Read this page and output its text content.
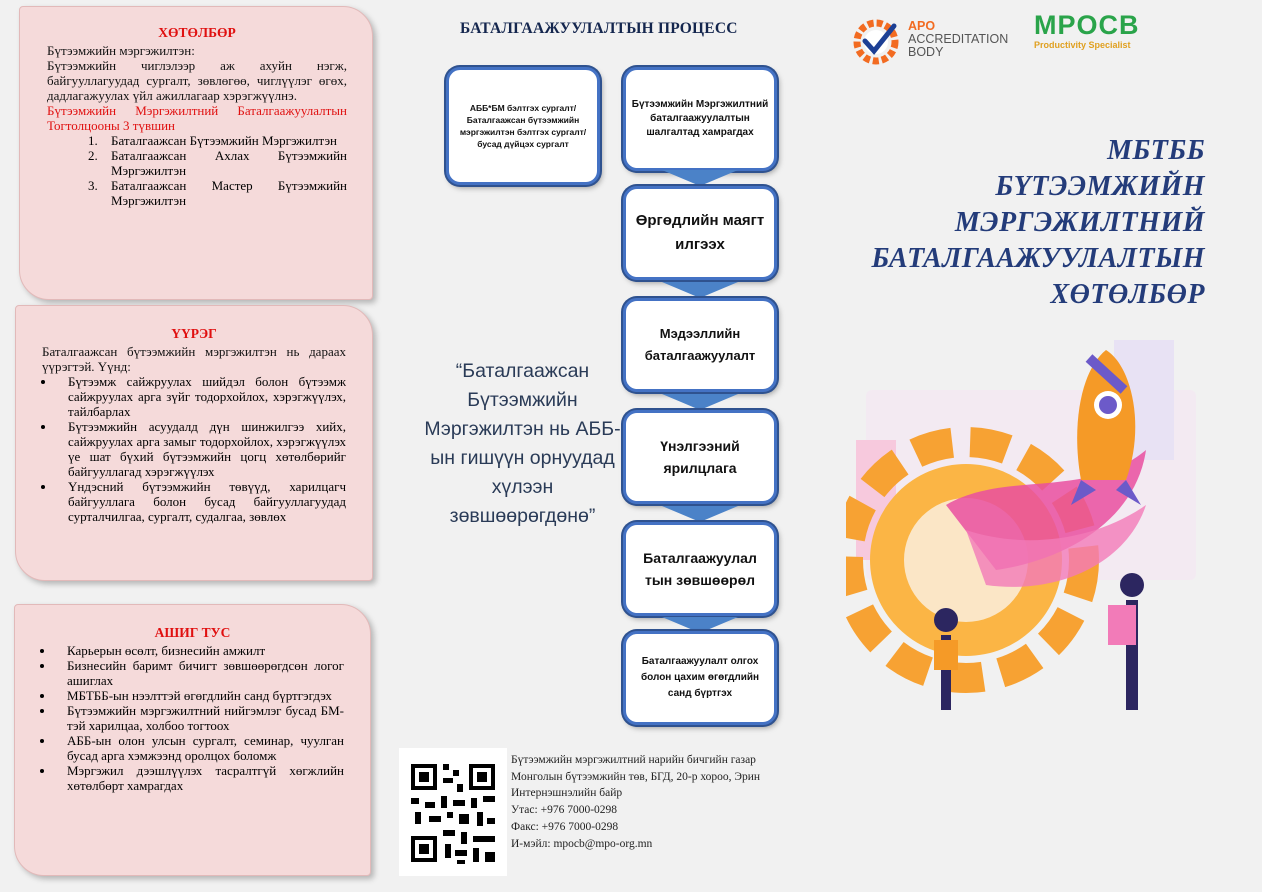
ХӨТӨЛБӨР
Бүтээмжийн мэргэжилтэн:
Бүтээмжийн чиглэлээр аж ахуйн нэгж, байгууллагуудад сургалт, зөвлөгөө, чиглүүлэг өгөх, дадлагажуулах үйл ажиллагаар хэрэгжүүлнэ.
Бүтээмжийн Мэргэжилтний Баталгаажуулалтын Тогтолцооны 3 түвшин
1. Баталгаажсан Бүтээмжийн Мэргэжилтэн
2. Баталгаажсан Ахлах Бүтээмжийн Мэргэжилтэн
3. Баталгаажсан Мастер Бүтээмжийн Мэргэжилтэн
ҮҮРЭГ
Баталгаажсан бүтээмжийн мэргэжилтэн нь дараах үүрэгтэй. Үүнд:
• Бүтээмж сайжруулах шийдэл болон бүтээмж сайжруулах арга зүйг тодорхойлох, хэрэгжүүлэх, тайлбарлах
• Бүтээмжийн асуудалд дүн шинжилгээ хийх, сайжруулах арга замыг тодорхойлох, хэрэгжүүлэх үе шат бүхий бүтээмжийн цогц хөтөлбөрийг байгууллагад хэрэгжүүлэх
• Үндэсний бүтээмжийн төвүүд, харилцагч байгууллага болон бусад байгууллагуудад сурталчилгаа, сургалт, судалгаа, зөвлөх
АШИГ ТУС
• Карьерын өсөлт, бизнесийн амжилт
• Бизнесийн баримт бичигт зөвшөөрөгдсөн логог ашиглах
• МБТББ-ын нээлттэй өгөгдлийн санд бүртгэгдэх
• Бүтээмжийн мэргэжилтний нийгэмлэг бусад БМ-тэй харилцаа, холбоо тогтоох
• АББ-ын олон улсын сургалт, семинар, чуулган бусад арга хэмжээнд оролцох боломж
• Мэргэжил дээшлүүлэх тасралтгүй хөгжлийн хөтөлбөрт хамрагдах
БАТАЛГААЖУУЛАЛТЫН ПРОЦЕСС
АББ*БМ бэлтгэх сургалт/Баталгаажсан бүтээмжийн мэргэжилтэн бэлтгэх сургалт/ бусад дүйцэх сургалт
Бүтээмжийн Мэргэжилтний баталгаажуулалтын шалгалтад хамрагдах
Өргөдлийн маягт илгээх
Мэдээллийн баталгаажуулалт
Үнэлгээний ярилцлага
Баталгаажуулал тын зөвшөөрөл
Баталгаажуулалт олгох болон цахим өгөгдлийн санд бүртгэх
“Баталгаажсан Бүтээмжийн Мэргэжилтэн нь АББ-ын гишүүн орнуудад хүлээн зөвшөөрөгдөнө”
APO
ACCREDITATION
BODY
MPOCB
Productivity Specialist
МБТББ
БҮТЭЭМЖИЙН
МЭРГЭЖИЛТНИЙ
БАТАЛГААЖУУЛАЛТЫН
ХӨТӨЛБӨР
Бүтээмжийн мэргэжилтний нарийн бичгийн газар
Монголын бүтээмжийн төв, БГД, 20-р хороо, Эрин Интернэшнэлийн байр
Утас: +976 7000-0298
Факс: +976 7000-0298
И-мэйл: mpocb@mpo-org.mn
